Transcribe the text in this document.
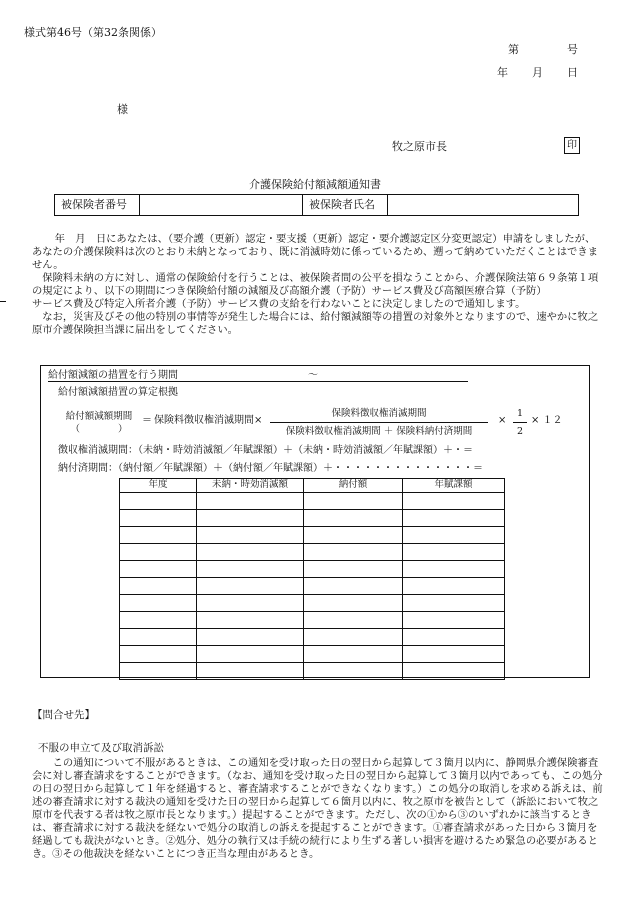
様式第46号（第32条関係）
第	号
年 月 日
様
牧之原市長	印
介護保険給付額減額通知書
被保険者番号		被保険者氏名	

年　月　日にあなたは、（要介護（更新）認定・要支援（更新）認定・要介護認定区分変更認定）申請をしましたが、あなたの介護保険料は次のとおり未納となっており、既に消滅時効に係っているため、遡って納めていただくことはできません。

保険料未納の方に対し、通常の保険給付を行うことは、被保険者間の公平を損なうことから、介護保険法第６９条第１項の規定により、以下の期間につき保険給付額の減額及び高額介護（予防）サービス費及び高額医療合算（予防）

サービス費及び特定入所者介護（予防）サービス費の支給を行わないことに決定しましたので通知します。

なお，災害及びその他の特別の事情等が発生した場合には、給付額減額等の措置の対象外となりますので、速やかに牧之原市介護保険担当課に届出をしてください。

給付額減額の措置を行う期間	～
給付額減額措置の算定根拠
給付額減額期間
（　　　　）
＝ 保険料徴収権消滅期間×
保険料徴収権消滅期間
保険料徴収権消滅期間 ＋ 保険料納付済期間
×
1
2
× １２
徴収権消滅期間：（未納・時効消滅額／年賦課額）＋（未納・時効消滅額／年賦課額）＋・＝
納付済期間：（納付額／年賦課額）＋（納付額／年賦課額）＋・・・・・・・・・・・・・・＝
年度	未納・時効消滅額	納付額	年賦課額

【問合せ先】
不服の申立て及び取消訴訟

この通知について不服があるときは、この通知を受け取った日の翌日から起算して３箇月以内に、静岡県介護保険審査会に対し審査請求をすることができます。（なお、通知を受け取った日の翌日から起算して３箇月以内であっても、この処分の日の翌日から起算して１年を経過すると、審査請求することができなくなります。）この処分の取消しを求める訴えは、前述の審査請求に対する裁決の通知を受けた日の翌日から起算して６箇月以内に、牧之原市を被告として（訴訟において牧之原市を代表する者は牧之原市長となります。）提起することができます。ただし、次の①から③のいずれかに該当するときは、審査請求に対する裁決を経ないで処分の取消しの訴えを提起することができます。①審査請求があった日から３箇月を経過しても裁決がないとき。②処分、処分の執行又は手続の続行により生ずる著しい損害を避けるため緊急の必要があるとき。③その他裁決を経ないことにつき正当な理由があるとき。
